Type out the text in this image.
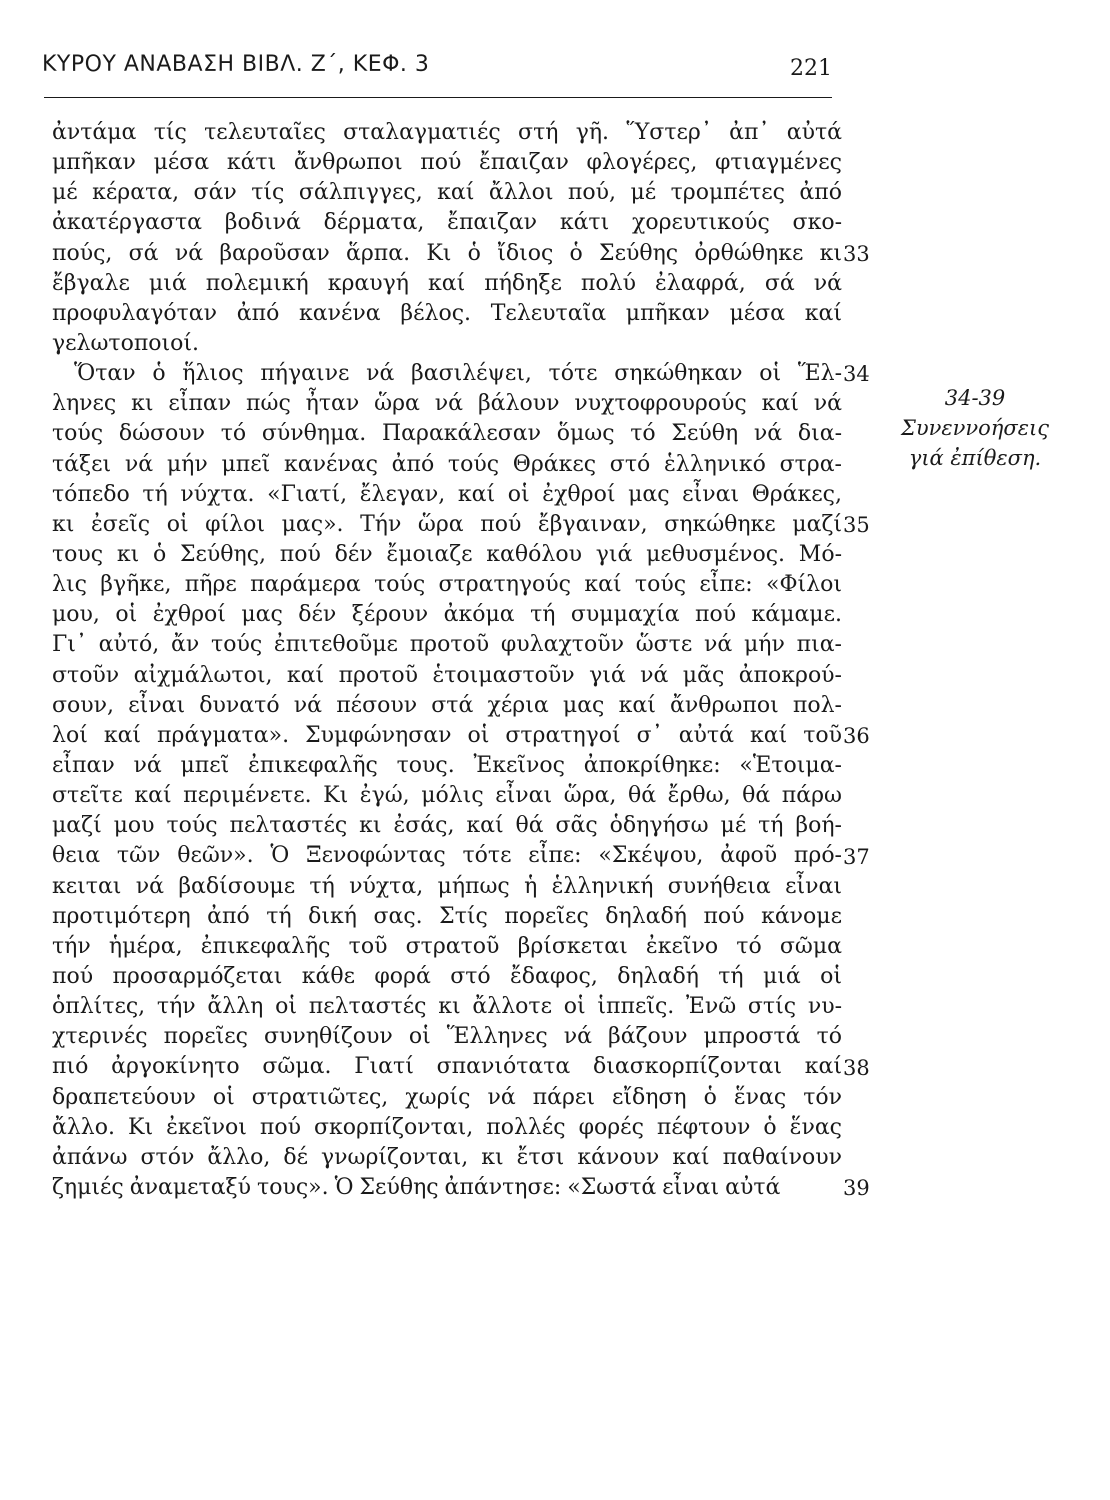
ΚΥΡΟΥ ΑΝΑΒΑΣΗ ΒΙΒΛ. Ζ΄, ΚΕΦ. 3	221
ἀντάμα τίς τελευταῖες σταλαγματιές στή γῆ. Ὕστερ᾽ ἀπ᾽ αὐτά
μπῆκαν μέσα κάτι ἄνθρωποι πού ἔπαιζαν φλογέρες, φτιαγμένες
μέ κέρατα, σάν τίς σάλπιγγες, καί ἄλλοι πού, μέ τρομπέτες ἀπό
ἀκατέργαστα βοδινά δέρματα, ἔπαιζαν κάτι χορευτικούς σκο-
πούς, σά νά βαροῦσαν ἅρπα. Κι ὁ ἴδιος ὁ Σεύθης ὀρθώθηκε κι
ἔβγαλε μιά πολεμική κραυγή καί πήδηξε πολύ ἐλαφρά, σά νά
προφυλαγόταν ἀπό κανένα βέλος. Τελευταῖα μπῆκαν μέσα καί
γελωτοποιοί.
Ὅταν ὁ ἥλιος πήγαινε νά βασιλέψει, τότε σηκώθηκαν οἱ Ἕλ-
ληνες κι εἶπαν πώς ἦταν ὥρα νά βάλουν νυχτοφρουρούς καί νά
τούς δώσουν τό σύνθημα. Παρακάλεσαν ὅμως τό Σεύθη νά δια-
τάξει νά μήν μπεῖ κανένας ἀπό τούς Θράκες στό ἑλληνικό στρα-
τόπεδο τή νύχτα. «Γιατί, ἔλεγαν, καί οἱ ἐχθροί μας εἶναι Θράκες,
κι ἐσεῖς οἱ φίλοι μας». Τήν ὥρα πού ἔβγαιναν, σηκώθηκε μαζί
τους κι ὁ Σεύθης, πού δέν ἔμοιαζε καθόλου γιά μεθυσμένος. Μό-
λις βγῆκε, πῆρε παράμερα τούς στρατηγούς καί τούς εἶπε: «Φίλοι
μου, οἱ ἐχθροί μας δέν ξέρουν ἀκόμα τή συμμαχία πού κάμαμε.
Γι᾽ αὐτό, ἄν τούς ἐπιτεθοῦμε προτοῦ φυλαχτοῦν ὥστε νά μήν πια-
στοῦν αἰχμάλωτοι, καί προτοῦ ἑτοιμαστοῦν γιά νά μᾶς ἀποκρού-
σουν, εἶναι δυνατό νά πέσουν στά χέρια μας καί ἄνθρωποι πολ-
λοί καί πράγματα». Συμφώνησαν οἱ στρατηγοί σ᾽ αὐτά καί τοῦ
εἶπαν νά μπεῖ ἐπικεφαλῆς τους. Ἐκεῖνος ἀποκρίθηκε: «Ἑτοιμα-
στεῖτε καί περιμένετε. Κι ἐγώ, μόλις εἶναι ὥρα, θά ἔρθω, θά πάρω
μαζί μου τούς πελταστές κι ἐσάς, καί θά σᾶς ὁδηγήσω μέ τή βοή-
θεια τῶν θεῶν». Ὁ Ξενοφώντας τότε εἶπε: «Σκέψου, ἀφοῦ πρό-
κειται νά βαδίσουμε τή νύχτα, μήπως ἡ ἑλληνική συνήθεια εἶναι
προτιμότερη ἀπό τή δική σας. Στίς πορεῖες δηλαδή πού κάνομε
τήν ἡμέρα, ἐπικεφαλῆς τοῦ στρατοῦ βρίσκεται ἐκεῖνο τό σῶμα
πού προσαρμόζεται κάθε φορά στό ἔδαφος, δηλαδή τή μιά οἱ
ὁπλίτες, τήν ἄλλη οἱ πελταστές κι ἄλλοτε οἱ ἱππεῖς. Ἐνῶ στίς νυ-
χτερινές πορεῖες συνηθίζουν οἱ Ἕλληνες νά βάζουν μπροστά τό
πιό ἀργοκίνητο σῶμα. Γιατί σπανιότατα διασκορπίζονται καί
δραπετεύουν οἱ στρατιῶτες, χωρίς νά πάρει εἴδηση ὁ ἕνας τόν
ἄλλο. Κι ἐκεῖνοι πού σκορπίζονται, πολλές φορές πέφτουν ὁ ἕνας
ἀπάνω στόν ἄλλο, δέ γνωρίζονται, κι ἔτσι κάνουν καί παθαίνουν
ζημιές ἀναμεταξύ τους». Ὁ Σεύθης ἀπάντησε: «Σωστά εἶναι αὐτά
33
34
35
36
37
38
39
34-39
Συνεννοήσεις
γιά ἐπίθεση.
